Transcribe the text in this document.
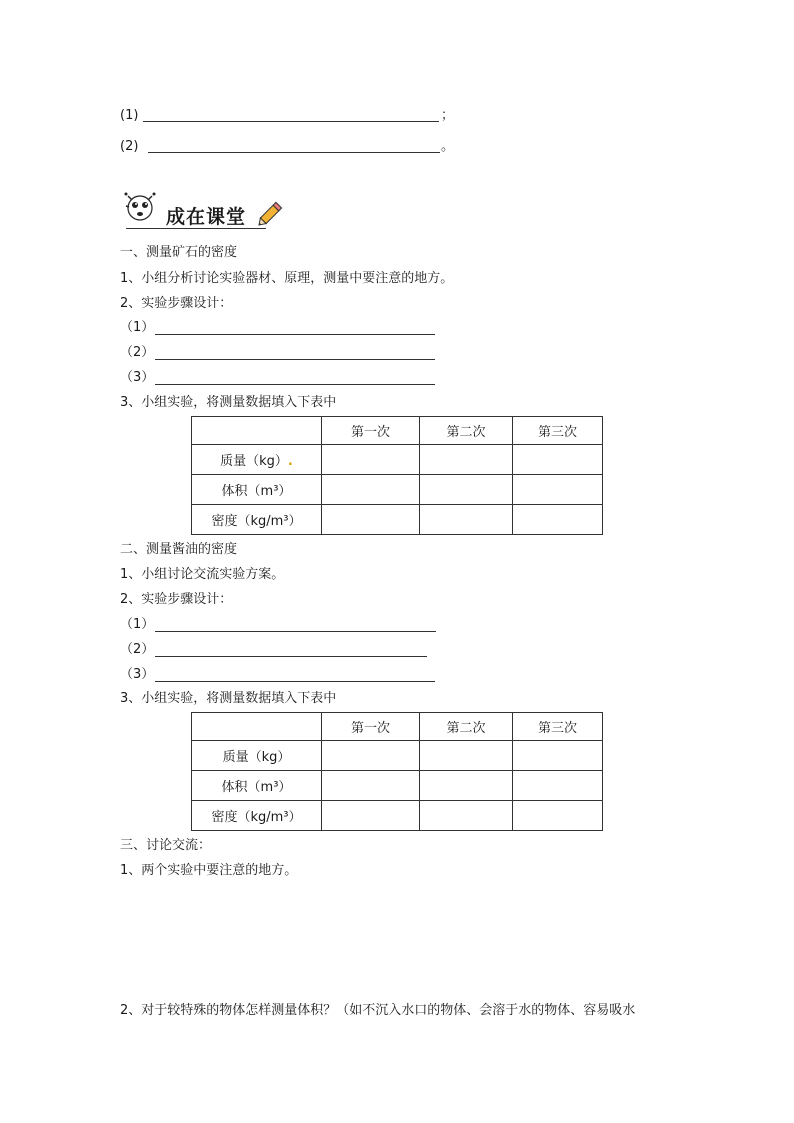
(1)	；
(2)	。
成在课堂
一、测量矿石的密度
1、小组分析讨论实验器材、原理，测量中要注意的地方。
2、实验步骤设计：
（1）
（2）
（3）
3、小组实验，将测量数据填入下表中
	第一次	第二次	第三次
质量（kg）.			
体积（m³）			
密度（kg/m³）			
二、测量酱油的密度
1、小组讨论交流实验方案。
2、实验步骤设计：
（1）
（2）
（3）
3、小组实验，将测量数据填入下表中
	第一次	第二次	第三次
质量（kg）			
体积（m³）			
密度（kg/m³）			
三、讨论交流：
1、两个实验中要注意的地方。
2、对于较特殊的物体怎样测量体积？（如不沉入水口的物体、会溶于水的物体、容易吸水
